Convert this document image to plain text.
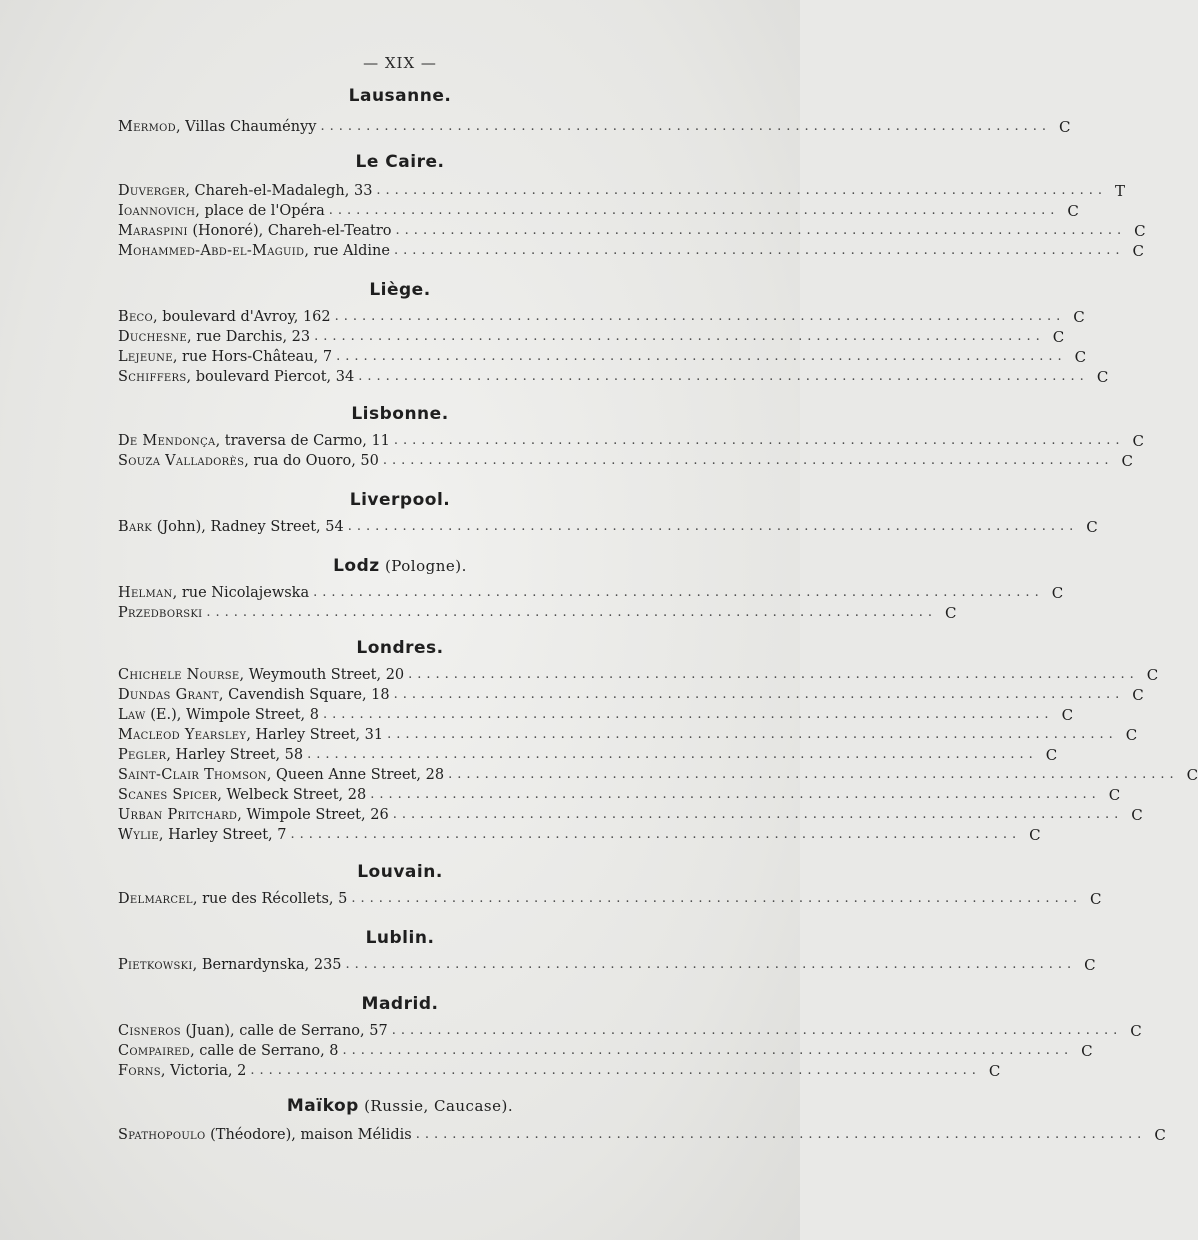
— XIX —
Lausanne.
Mermod , Villas Chauményy ................................................................................ C
Le Caire.
Duverger , Chareh-el-Madalegh, 33 ................................................................................ T
Ioannovich , place de l'Opéra ................................................................................ C
Maraspini
(Honoré), Chareh-el-Teatro ................................................................................ C
Mohammed-Abd-el-Maguid , rue Aldine ................................................................................ C
Liège.
Beco , boulevard d'Avroy, 162 ................................................................................ C
Duchesne , rue Darchis, 23 ................................................................................ C
Lejeune , rue Hors-Château, 7 ................................................................................ C
Schiffers , boulevard Piercot, 34 ................................................................................ C
Lisbonne.
De Mendonça , traversa de Carmo, 11 ................................................................................ C
Souza Valladorès , rua do Ouoro, 50 ................................................................................ C
Liverpool.
Bark
(John), Radney Street, 54 ................................................................................ C
Lodz (Pologne).
Helman , rue Nicolajewska ................................................................................ C
Przedborski ................................................................................ C
Londres.
Chichele Nourse , Weymouth Street, 20 ................................................................................ C
Dundas Grant , Cavendish Square, 18 ................................................................................ C
Law
(E.), Wimpole Street, 8 ................................................................................ C
Macleod Yearsley , Harley Street, 31 ................................................................................ C
Pegler , Harley Street, 58 ................................................................................ C
Saint-Clair Thomson , Queen Anne Street, 28 ................................................................................ C
Scanes Spicer , Welbeck Street, 28 ................................................................................ C
Urban Pritchard , Wimpole Street, 26 ................................................................................ C
Wylie , Harley Street, 7 ................................................................................ C
Louvain.
Delmarcel , rue des Récollets, 5 ................................................................................ C
Lublin.
Pietkowski , Bernardynska, 235 ................................................................................ C
Madrid.
Cisneros
(Juan), calle de Serrano, 57 ................................................................................ C
Compaired , calle de Serrano, 8 ................................................................................ C
Forns , Victoria, 2 ................................................................................ C
Maïkop (Russie, Caucase).
Spathopoulo
(Théodore), maison Mélidis ................................................................................ C
